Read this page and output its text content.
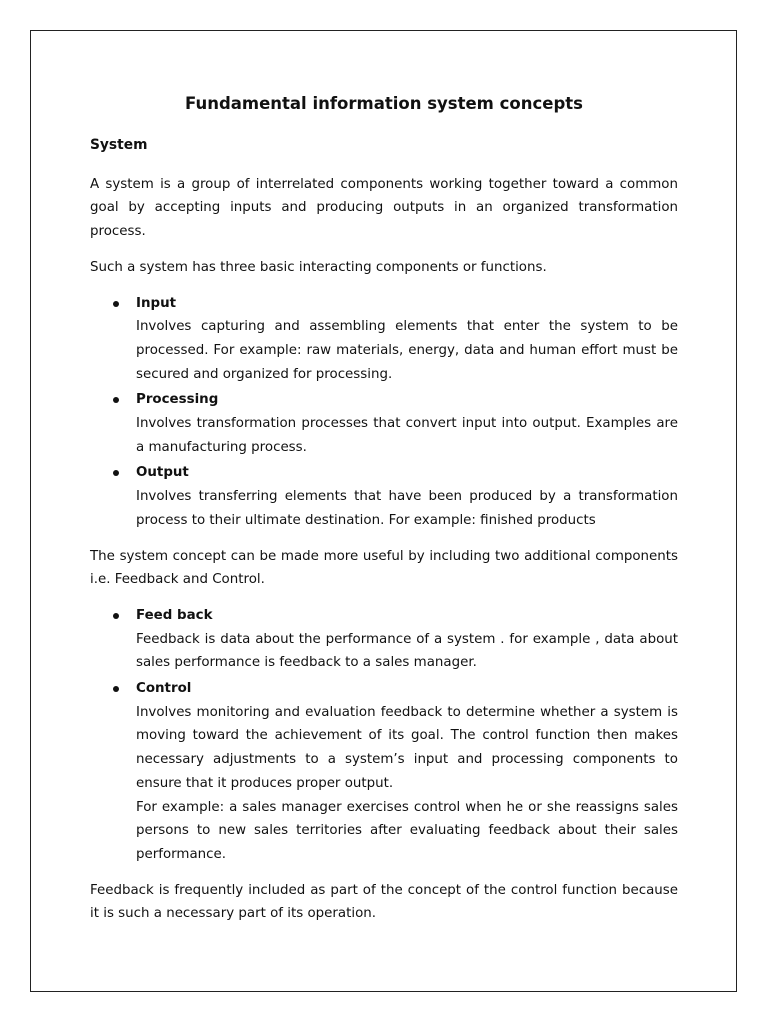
Fundamental information system concepts
System

A system is a group of interrelated components working together toward a common goal by accepting inputs and producing outputs in an organized transformation process.

Such a system has three basic interacting components or functions.

Input
Involves capturing and assembling elements that enter the system to be processed. For example: raw materials, energy, data and human effort must be secured and organized for processing.
Processing
Involves transformation processes that convert input into output. Examples are a manufacturing process.
Output
Involves transferring elements that have been produced by a transformation process to their ultimate destination. For example: finished products

The system concept can be made more useful by including two additional components i.e. Feedback and Control.

Feed back
Feedback is data about the performance of a system . for example , data about sales performance is feedback to a sales manager.
Control
Involves monitoring and evaluation feedback to determine whether a system is moving toward the achievement of its goal. The control function then makes necessary adjustments to a system’s input and processing components to ensure that it produces proper output.
For example: a sales manager exercises control when he or she reassigns sales persons to new sales territories after evaluating feedback about their sales performance.

Feedback is frequently included as part of the concept of the control function because it is such a necessary part of its operation.
